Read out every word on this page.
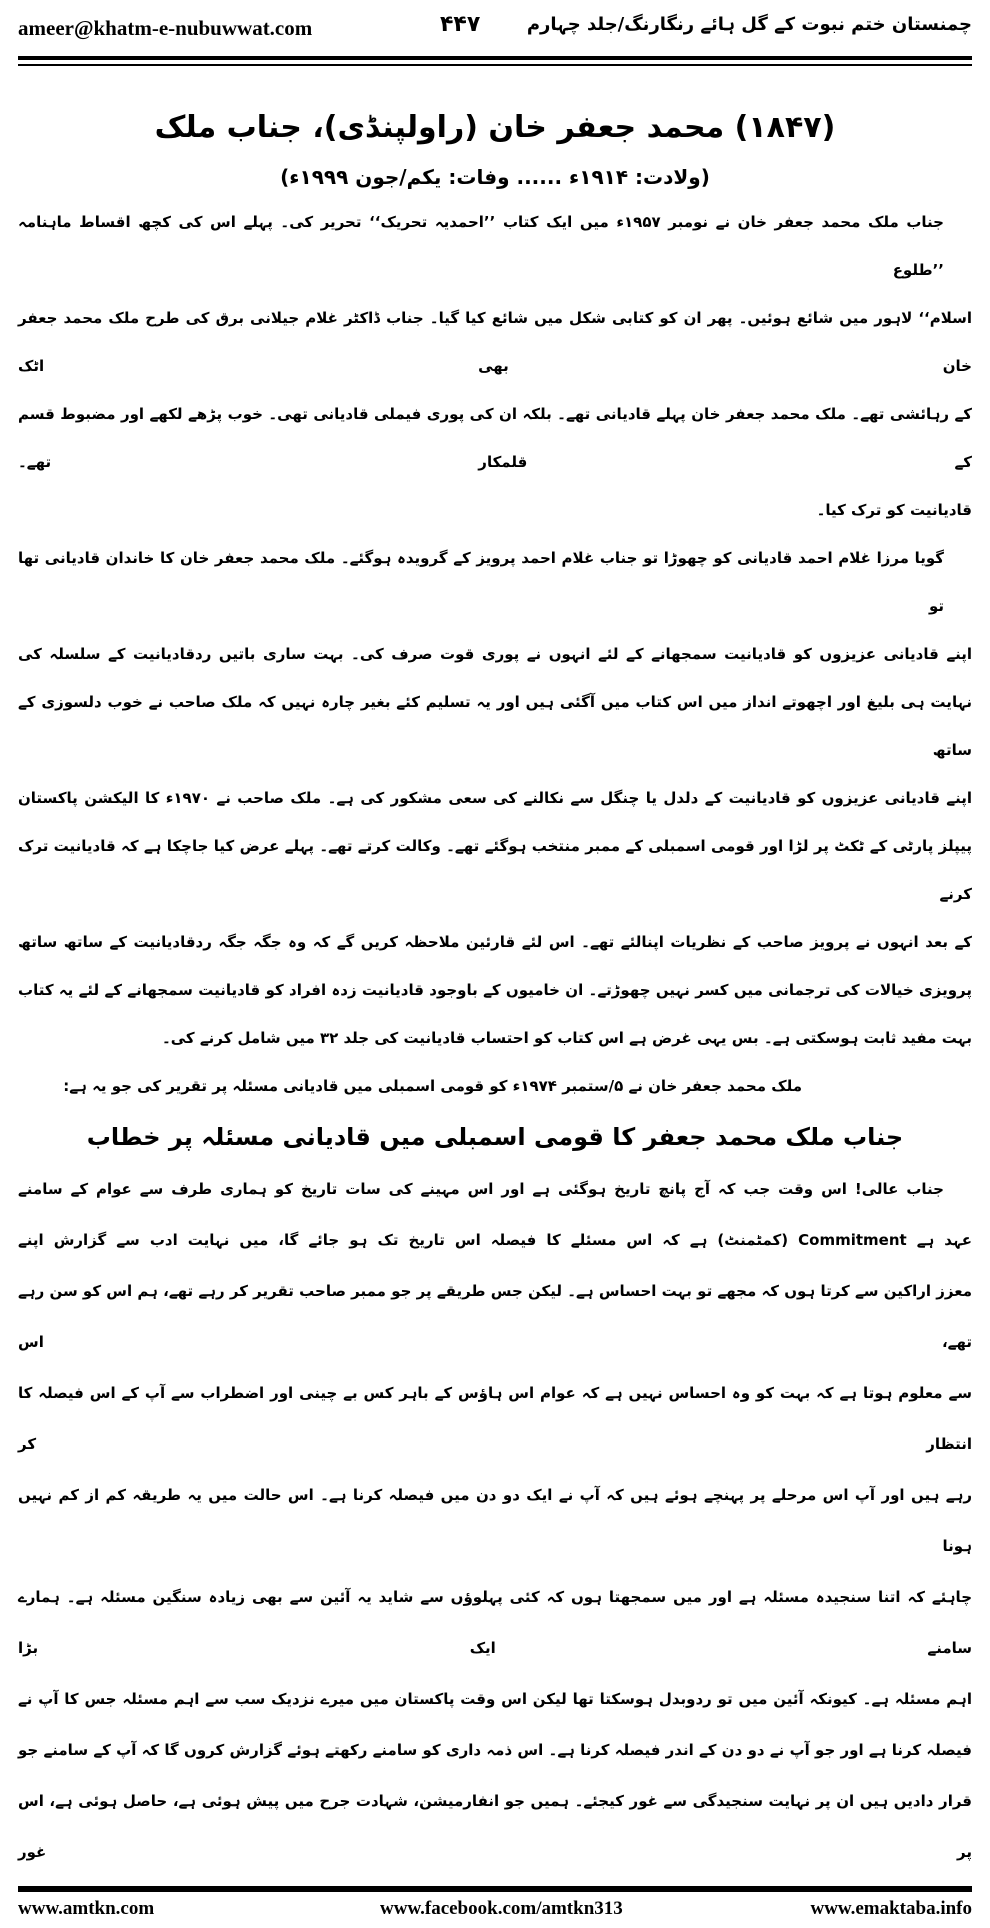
ameer@khatm-e-nubuwwat.com	۴۴۷	چمنستان ختم نبوت کے گل ہائے رنگارنگ/جلد چہارم
(۱۸۴۷) محمد جعفر خان (راولپنڈی)، جناب ملک
(ولادت: ۱۹۱۴ء ...... وفات: یکم/جون ۱۹۹۹ء)
جناب ملک محمد جعفر خان نے نومبر ۱۹۵۷ء میں ایک کتاب ’’احمدیہ تحریک‘‘ تحریر کی۔ پہلے اس کی کچھ اقساط ماہنامہ ’’طلوع
اسلام‘‘ لاہور میں شائع ہوئیں۔ پھر ان کو کتابی شکل میں شائع کیا گیا۔ جناب ڈاکٹر غلام جیلانی برق کی طرح ملک محمد جعفر خان بھی اٹک
کے رہائشی تھے۔ ملک محمد جعفر خان پہلے قادیانی تھے۔ بلکہ ان کی پوری فیملی قادیانی تھی۔ خوب پڑھے لکھے اور مضبوط قسم کے قلمکار تھے۔
قادیانیت کو ترک کیا۔
گویا مرزا غلام احمد قادیانی کو چھوڑا تو جناب غلام احمد پرویز کے گرویدہ ہوگئے۔ ملک محمد جعفر خان کا خاندان قادیانی تھا تو
اپنے قادیانی عزیزوں کو قادیانیت سمجھانے کے لئے انہوں نے پوری قوت صرف کی۔ بہت ساری باتیں ردقادیانیت کے سلسلہ کی
نہایت ہی بلیغ اور اچھوتے انداز میں اس کتاب میں آگئی ہیں اور یہ تسلیم کئے بغیر چارہ نہیں کہ ملک صاحب نے خوب دلسوزی کے ساتھ
اپنے قادیانی عزیزوں کو قادیانیت کے دلدل یا چنگل سے نکالنے کی سعی مشکور کی ہے۔ ملک صاحب نے ۱۹۷۰ء کا الیکشن پاکستان
پیپلز پارٹی کے ٹکٹ پر لڑا اور قومی اسمبلی کے ممبر منتخب ہوگئے تھے۔ وکالت کرتے تھے۔ پہلے عرض کیا جاچکا ہے کہ قادیانیت ترک کرنے
کے بعد انہوں نے پرویز صاحب کے نظریات اپنالئے تھے۔ اس لئے قارئین ملاحظہ کریں گے کہ وہ جگہ جگہ ردقادیانیت کے ساتھ ساتھ
پرویزی خیالات کی ترجمانی میں کسر نہیں چھوڑتے۔ ان خامیوں کے باوجود قادیانیت زدہ افراد کو قادیانیت سمجھانے کے لئے یہ کتاب
بہت مفید ثابت ہوسکتی ہے۔ بس یہی غرض ہے اس کتاب کو احتساب قادیانیت کی جلد ۳۲ میں شامل کرنے کی۔
ملک محمد جعفر خان نے ۵/ستمبر ۱۹۷۴ء کو قومی اسمبلی میں قادیانی مسئلہ پر تقریر کی جو یہ ہے:
جناب ملک محمد جعفر کا قومی اسمبلی میں قادیانی مسئلہ پر خطاب
جناب عالی! اس وقت جب کہ آج پانچ تاریخ ہوگئی ہے اور اس مہینے کی سات تاریخ کو ہماری طرف سے عوام کے سامنے
عہد ہے Commitment (کمٹمنٹ) ہے کہ اس مسئلے کا فیصلہ اس تاریخ تک ہو جائے گا، میں نہایت ادب سے گزارش اپنے
معزز اراکین سے کرتا ہوں کہ مجھے تو بہت احساس ہے۔ لیکن جس طریقے پر جو ممبر صاحب تقریر کر رہے تھے، ہم اس کو سن رہے تھے، اس
سے معلوم ہوتا ہے کہ بہت کو وہ احساس نہیں ہے کہ عوام اس ہاؤس کے باہر کس بے چینی اور اضطراب سے آپ کے اس فیصلہ کا انتظار کر
رہے ہیں اور آپ اس مرحلے پر پہنچے ہوئے ہیں کہ آپ نے ایک دو دن میں فیصلہ کرنا ہے۔ اس حالت میں یہ طریقہ کم از کم نہیں ہونا
چاہئے کہ اتنا سنجیدہ مسئلہ ہے اور میں سمجھتا ہوں کہ کئی پہلوؤں سے شاید یہ آئین سے بھی زیادہ سنگین مسئلہ ہے۔ ہمارے سامنے ایک بڑا
اہم مسئلہ ہے۔ کیونکہ آئین میں تو ردوبدل ہوسکتا تھا لیکن اس وقت پاکستان میں میرے نزدیک سب سے اہم مسئلہ جس کا آپ نے
فیصلہ کرنا ہے اور جو آپ نے دو دن کے اندر فیصلہ کرنا ہے۔ اس ذمہ داری کو سامنے رکھتے ہوئے گزارش کروں گا کہ آپ کے سامنے جو
قرار دادیں ہیں ان پر نہایت سنجیدگی سے غور کیجئے۔ ہمیں جو انفارمیشن، شہادت جرح میں پیش ہوئی ہے، حاصل ہوئی ہے، اس پر غور
www.amtkn.com	www.facebook.com/amtkn313	www.emaktaba.info
